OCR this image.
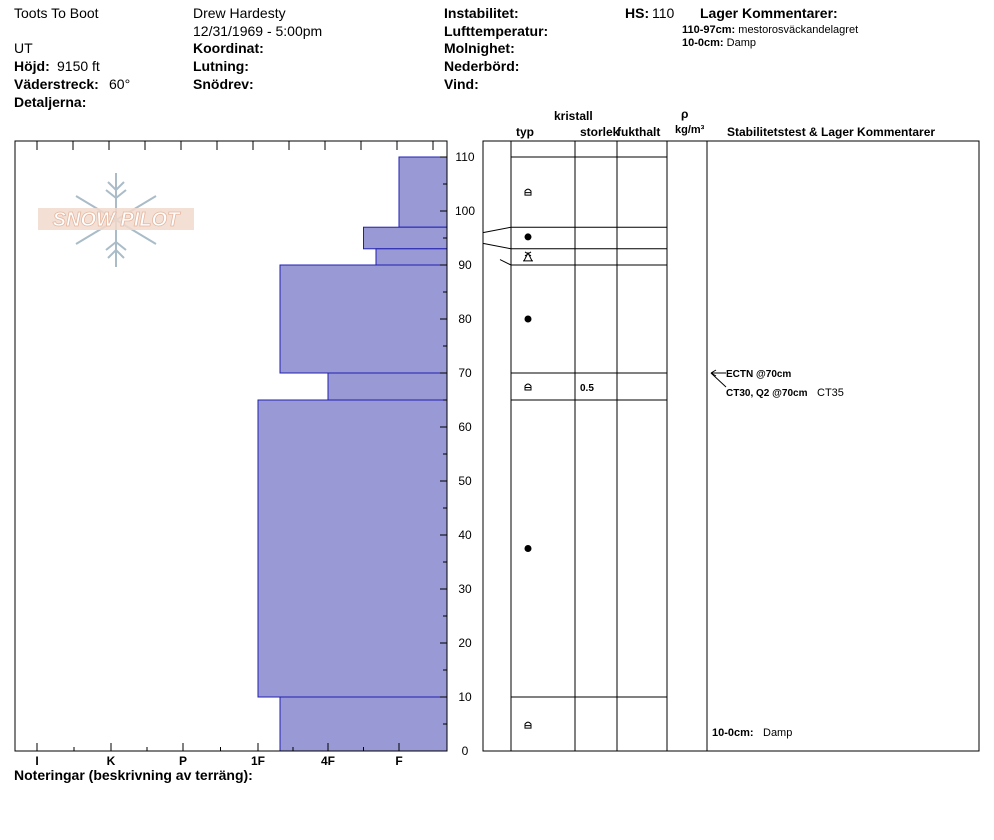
Toots To Boot
UT
Höjd: 9150 ft
Väderstreck: 60°
Detaljerna:
Drew Hardesty
12/31/1969 - 5:00pm
Koordinat:
Lutning:
Snödrev:
Instabilitet:
Lufttemperatur:
Molnighet:
Nederbörd:
Vind:
HS: 110 Lager Kommentarer:
110-97cm: mestorosväckandelagret
10-0cm: Damp
kristall
typ	storlek
fukthalt
ρ
kg/m³ Stabilitetstest & Lager Kommentarer
Noteringar (beskrivning av terräng):
SNOW PILOT
I	K	P	1F	4F	F
0
10
20
30
40
50
60
70
80
90
100
110
0.5
ECTN @70cm
CT30, Q2 @70cm CT35
10-0cm: Damp
